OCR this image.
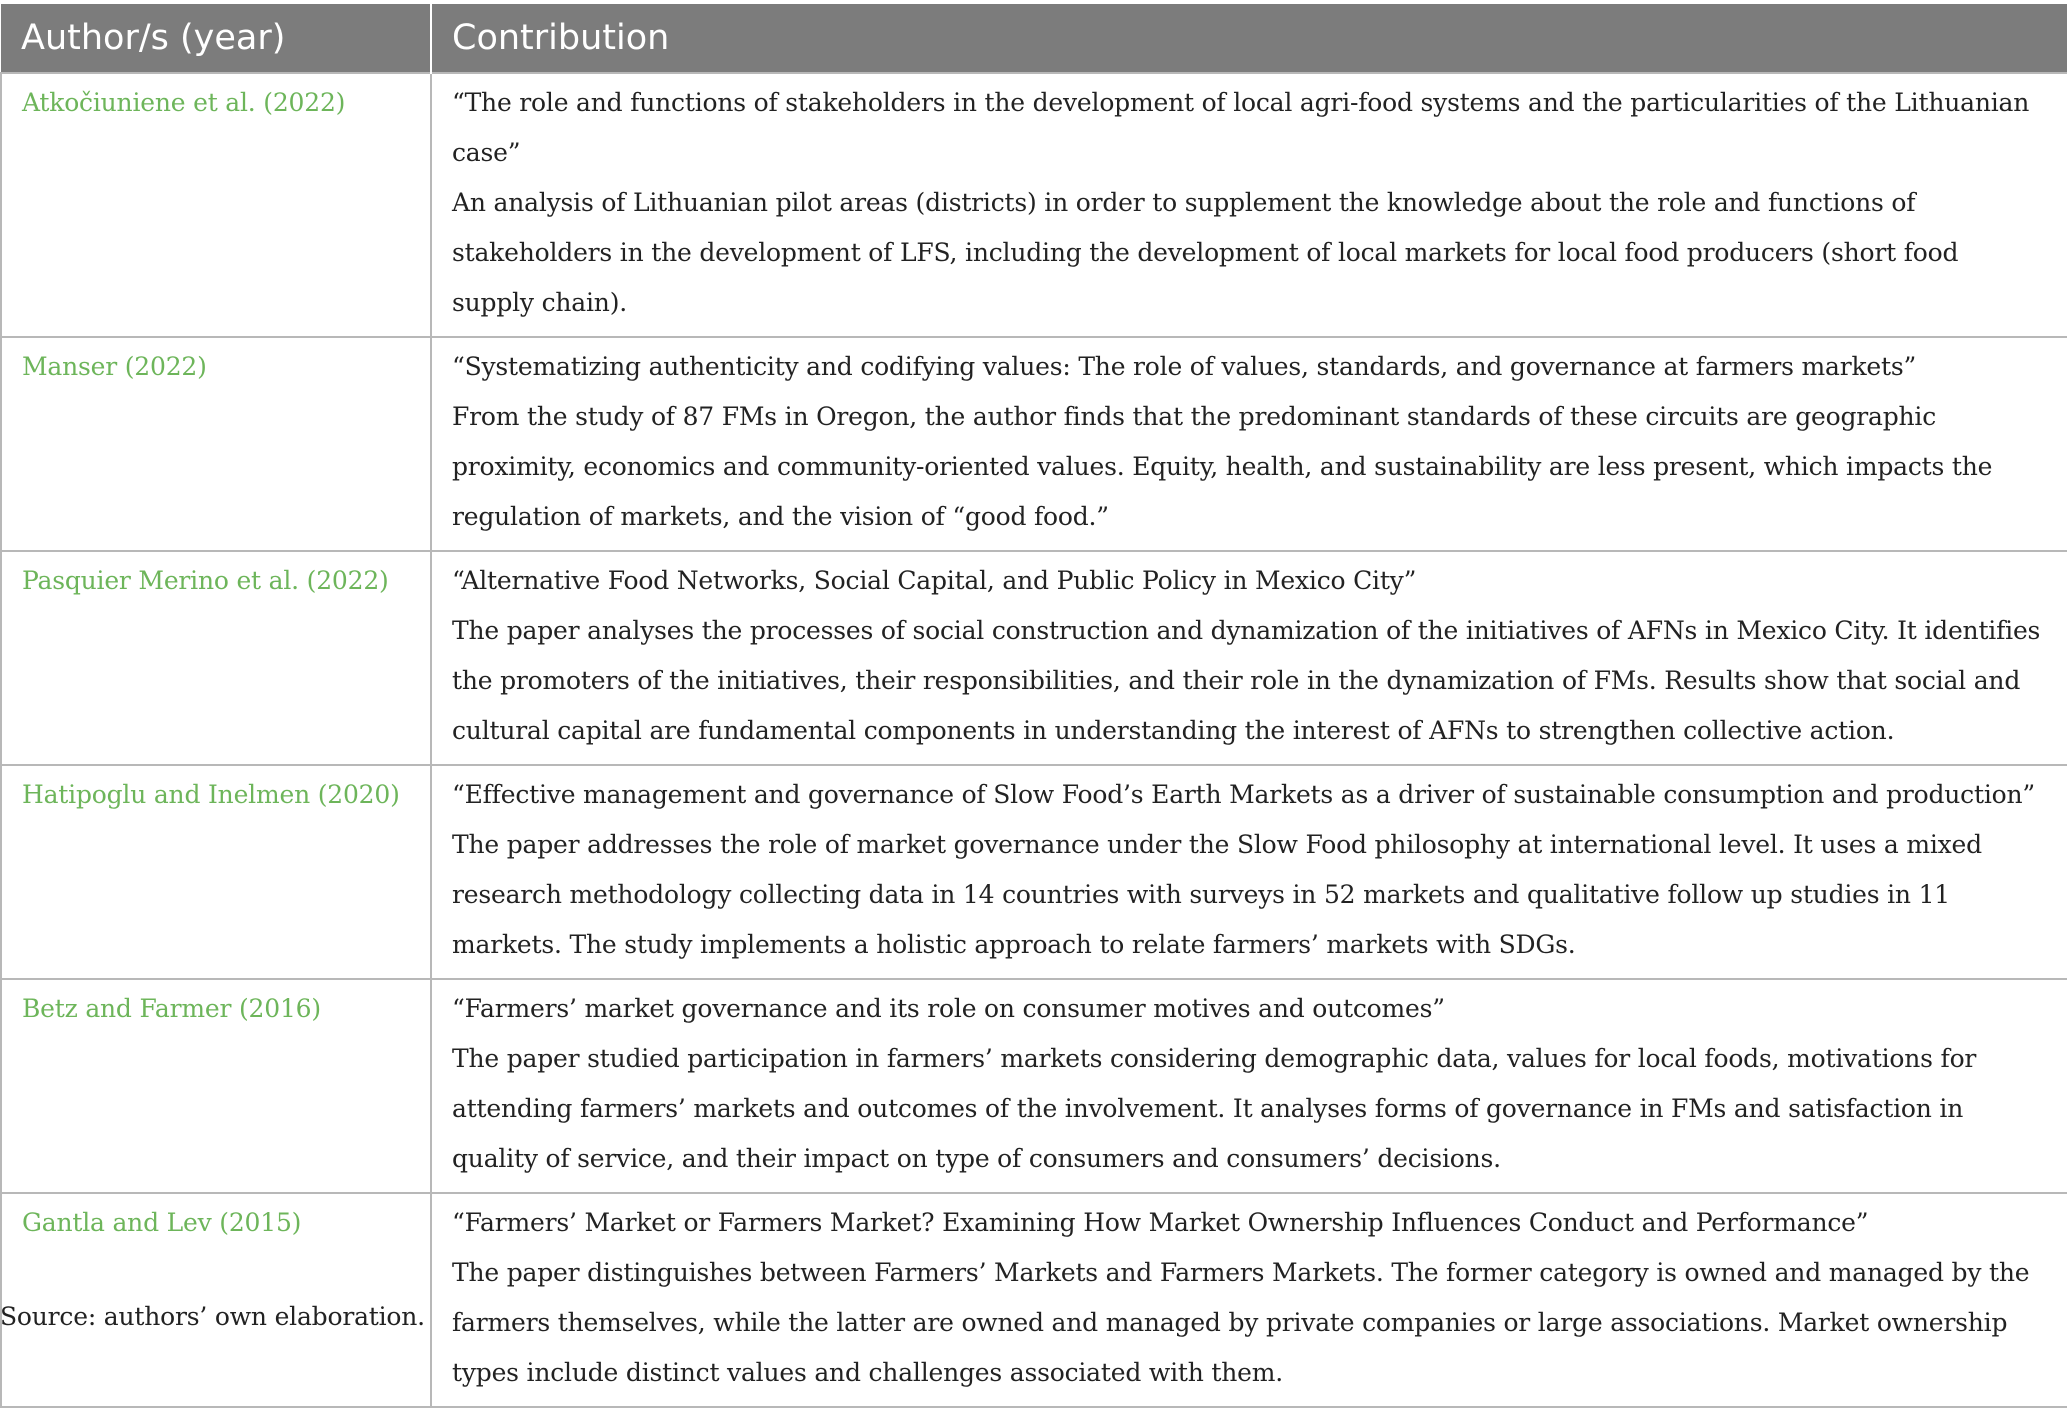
Author/s (year)	Contribution
Atkočiuniene et al. (2022)	“The role and functions of stakeholders in the development of local agri-food systems and the particularities of the Lithuanian case”
An analysis of Lithuanian pilot areas (districts) in order to supplement the knowledge about the role and functions of stakeholders in the development of LFS, including the development of local markets for local food producers (short food supply chain).

Manser (2022)	“Systematizing authenticity and codifying values: The role of values, standards, and governance at farmers markets”
From the study of 87 FMs in Oregon, the author finds that the predominant standards of these circuits are geographic proximity, economics and community-oriented values. Equity, health, and sustainability are less present, which impacts the regulation of markets, and the vision of “good food.”

Pasquier Merino et al. (2022)	“Alternative Food Networks, Social Capital, and Public Policy in Mexico City”
The paper analyses the processes of social construction and dynamization of the initiatives of AFNs in Mexico City. It identifies the promoters of the initiatives, their responsibilities, and their role in the dynamization of FMs. Results show that social and cultural capital are fundamental components in understanding the interest of AFNs to strengthen collective action.

Hatipoglu and Inelmen (2020)	“Effective management and governance of Slow Food’s Earth Markets as a driver of sustainable consumption and production”
The paper addresses the role of market governance under the Slow Food philosophy at international level. It uses a mixed research methodology collecting data in 14 countries with surveys in 52 markets and qualitative follow up studies in 11 markets. The study implements a holistic approach to relate farmers’ markets with SDGs.

Betz and Farmer (2016)	“Farmers’ market governance and its role on consumer motives and outcomes”
The paper studied participation in farmers’ markets considering demographic data, values for local foods, motivations for attending farmers’ markets and outcomes of the involvement. It analyses forms of governance in FMs and satisfaction in quality of service, and their impact on type of consumers and consumers’ decisions.

Gantla and Lev (2015)	“Farmers’ Market or Farmers Market? Examining How Market Ownership Influences Conduct and Performance”
The paper distinguishes between Farmers’ Markets and Farmers Markets. The former category is owned and managed by the farmers themselves, while the latter are owned and managed by private companies or large associations. Market ownership types include distinct values and challenges associated with them.
Source: authors’ own elaboration.
